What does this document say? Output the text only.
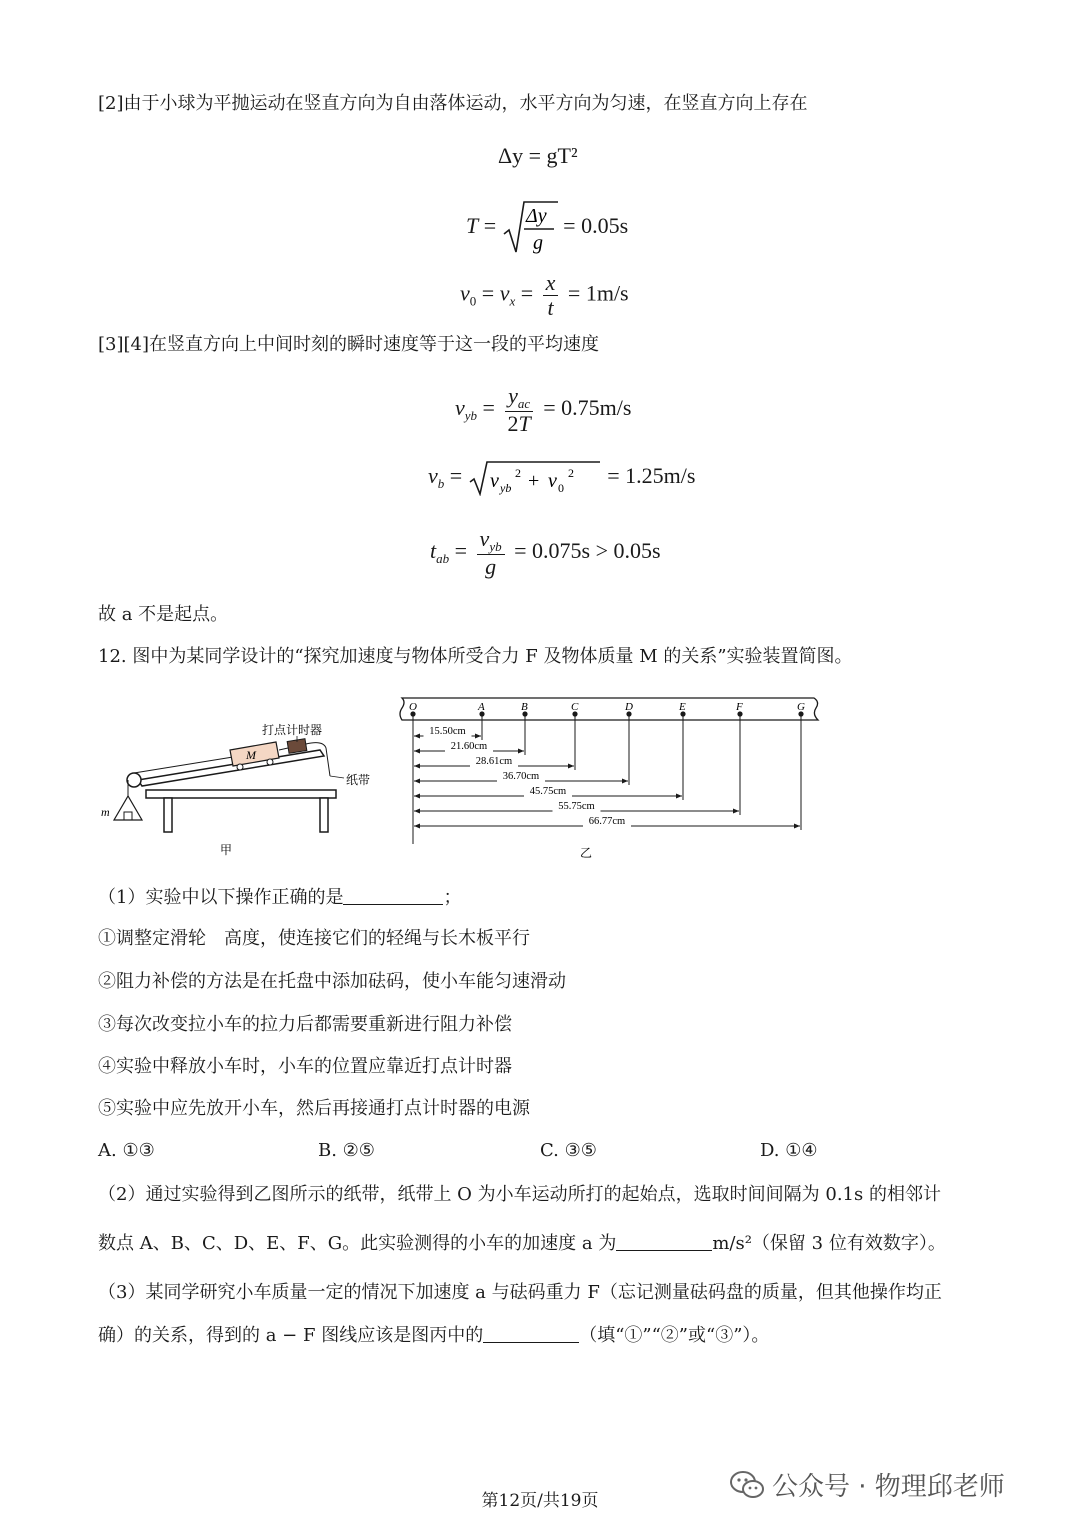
[2]由于小球为平抛运动在竖直方向为自由落体运动，水平方向为匀速，在竖直方向上存在
Δy = gT²
T = Δy
g
= 0.05s
$v_0 = v_x = \frac{x}{t} = 1m/s$
[3][4]在竖直方向上中间时刻的瞬时速度等于这一段的平均速度
$v_{yb} = \frac{y_{ac}}{2T} = 0.75m/s$
$v_b = v$ yb
2 + v 0
2 = 1.25m/s
$t_{ab} = \frac{v_{yb}}{g} = 0.075s > 0.05s$
故 a 不是起点。
12. 图中为某同学设计的“探究加速度与物体所受合力 F 及物体质量 M 的关系”实验装置简图。
M
打点计时器
纸带
m
甲
O	A	B	C	D	E	F	G
15.50cm
21.60cm
28.61cm
36.70cm
45.75cm
55.75cm
66.77cm
乙
（1）实验中以下操作正确的是	；
①调整定滑轮　高度，使连接它们的轻绳与长木板平行
②阻力补偿的方法是在托盘中添加砝码，使小车能匀速滑动
③每次改变拉小车的拉力后都需要重新进行阻力补偿
④实验中释放小车时，小车的位置应靠近打点计时器
⑤实验中应先放开小车，然后再接通打点计时器的电源
A. ①③	B. ②⑤	C. ③⑤	D. ①④
（2）通过实验得到乙图所示的纸带，纸带上 O 为小车运动所打的起始点，选取时间间隔为 0.1s 的相邻计
数点 A、B、C、D、E、F、G。此实验测得的小车的加速度 a 为	m/s²（保留 3 位有效数字）。
（3）某同学研究小车质量一定的情况下加速度 a 与砝码重力 F（忘记测量砝码盘的质量，但其他操作均正
确）的关系，得到的 a − F 图线应该是图丙中的	（填“①”“②”或“③”）。
第12页/共19页	公众号 · 物理邱老师
